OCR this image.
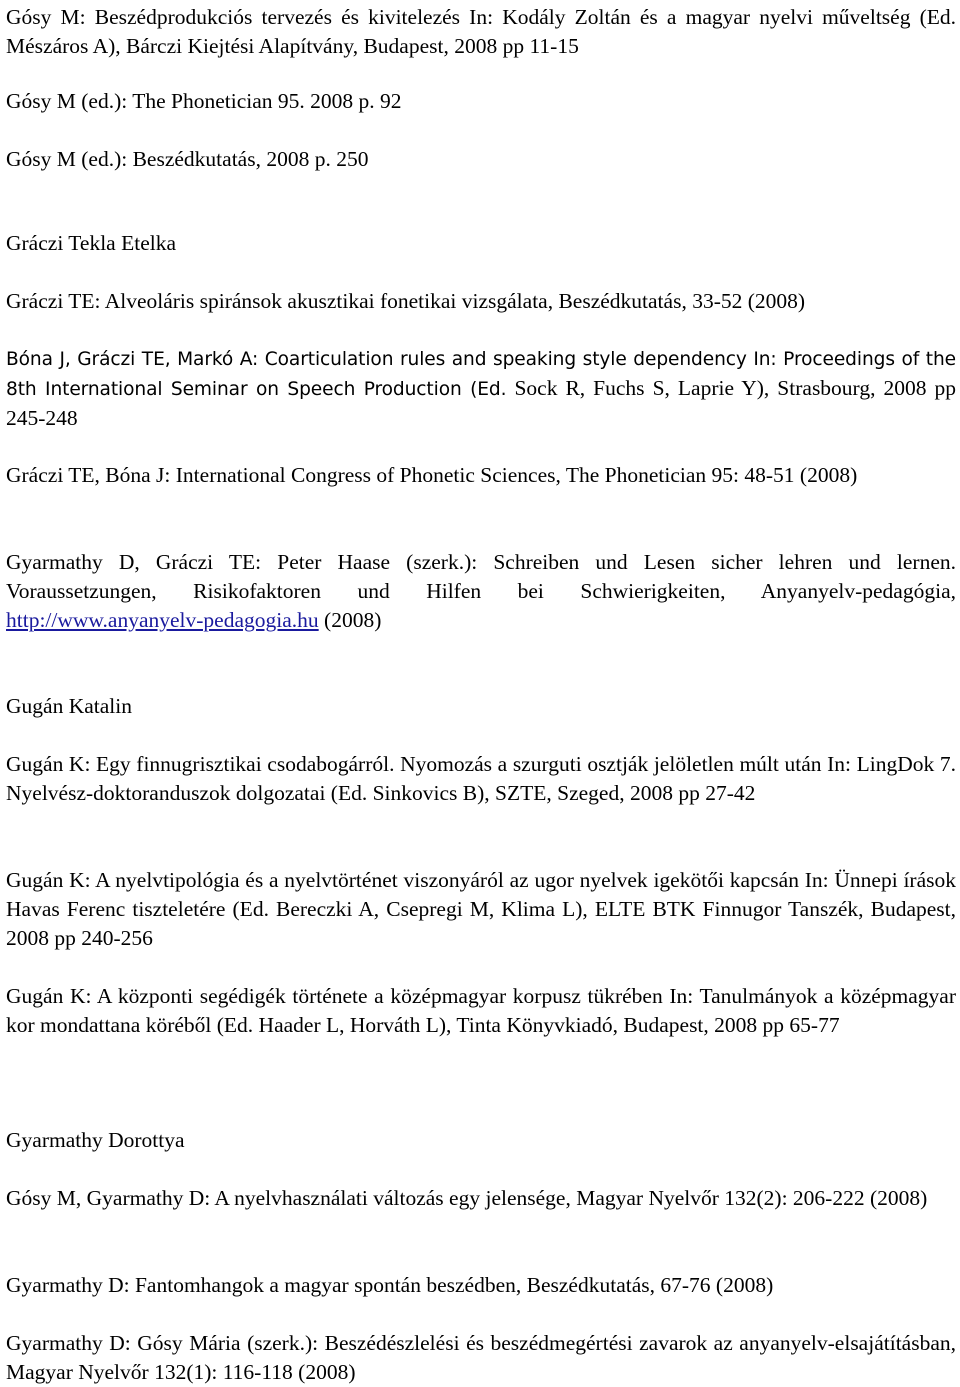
Gósy M: Beszédprodukciós tervezés és kivitelezés In: Kodály Zoltán és a magyar nyelvi műveltség (Ed. Mészáros A), Bárczi Kiejtési Alapítvány, Budapest, 2008 pp 11-15

Gósy M (ed.): The Phonetician 95. 2008 p. 92

Gósy M (ed.): Beszédkutatás, 2008 p. 250

Gráczi Tekla Etelka

Gráczi TE: Alveoláris spiránsok akusztikai fonetikai vizsgálata, Beszédkutatás, 33-52 (2008)

Bóna J, Gráczi TE, Markó A: Coarticulation rules and speaking style dependency In: Proceedings of the 8th International Seminar on Speech Production (Ed. Sock R, Fuchs S, Laprie Y), Strasbourg, 2008 pp 245-248

Gráczi TE, Bóna J: International Congress of Phonetic Sciences, The Phonetician 95: 48-51 (2008)

Gyarmathy D, Gráczi TE: Peter Haase (szerk.): Schreiben und Lesen sicher lehren und lernen. Voraussetzungen, Risikofaktoren und Hilfen bei Schwierigkeiten, Anyanyelv-pedagógia, http://www.anyanyelv-pedagogia.hu (2008)

Gugán Katalin

Gugán K: Egy finnugrisztikai csodabogárról. Nyomozás a szurguti osztják jelöletlen múlt után In: LingDok 7. Nyelvész-doktoranduszok dolgozatai (Ed. Sinkovics B), SZTE, Szeged, 2008 pp 27-42

Gugán K: A nyelvtipológia és a nyelvtörténet viszonyáról az ugor nyelvek igekötői kapcsán In: Ünnepi írások Havas Ferenc tiszteletére (Ed. Bereczki A, Csepregi M, Klima L), ELTE BTK Finnugor Tanszék, Budapest, 2008 pp 240-256

Gugán K: A központi segédigék története a középmagyar korpusz tükrében In: Tanulmányok a középmagyar kor mondattana köréből (Ed. Haader L, Horváth L), Tinta Könyvkiadó, Budapest, 2008 pp 65-77

Gyarmathy Dorottya

Gósy M, Gyarmathy D: A nyelvhasználati változás egy jelensége, Magyar Nyelvőr 132(2): 206-222 (2008)

Gyarmathy D: Fantomhangok a magyar spontán beszédben, Beszédkutatás, 67-76 (2008)

Gyarmathy D: Gósy Mária (szerk.): Beszédészlelési és beszédmegértési zavarok az anyanyelv-elsajátításban, Magyar Nyelvőr 132(1): 116-118 (2008)
